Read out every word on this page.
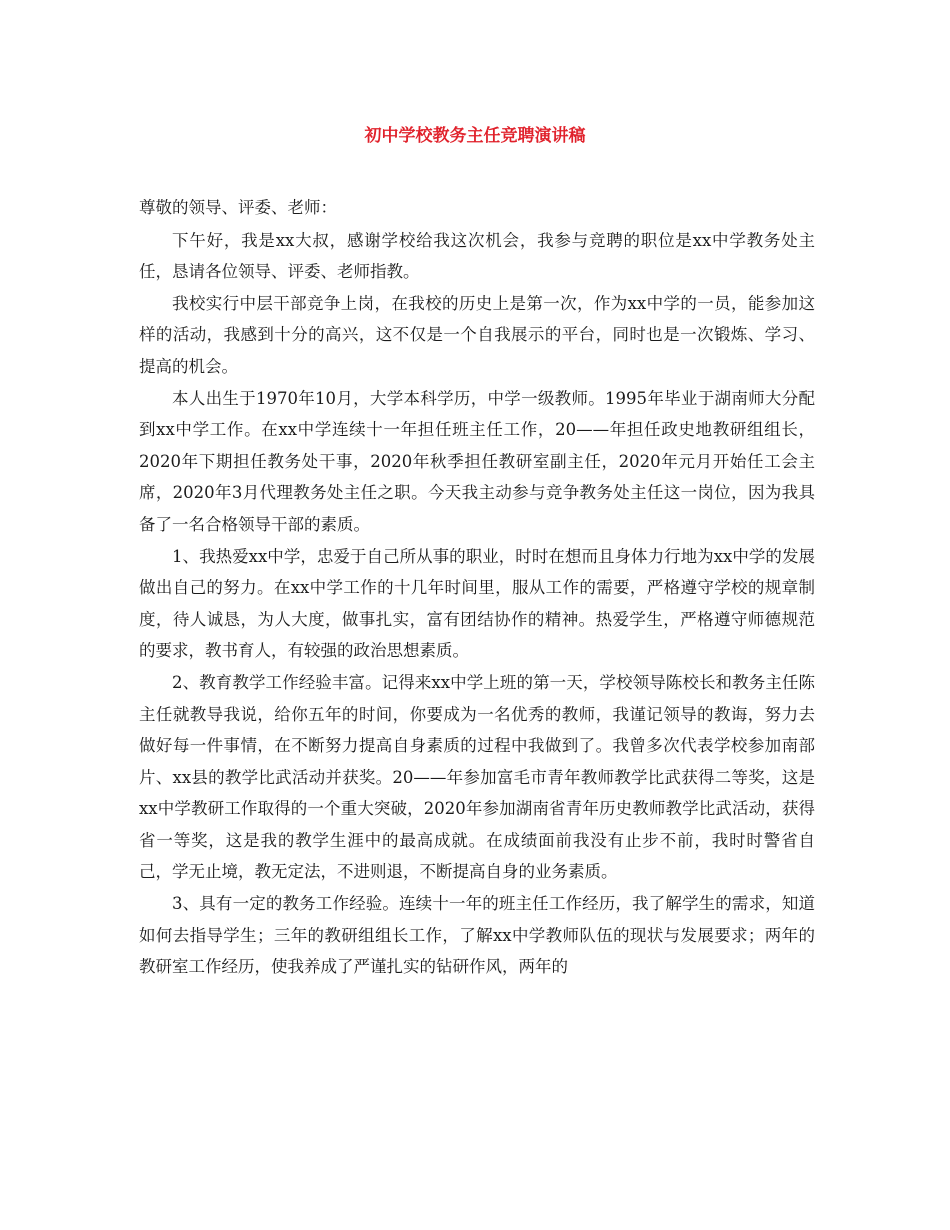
初中学校教务主任竞聘演讲稿

尊敬的领导、评委、老师：

下午好，我是xx大叔，感谢学校给我这次机会，我参与竞聘的职位是xx中学教务处主任，恳请各位领导、评委、老师指教。

我校实行中层干部竞争上岗，在我校的历史上是第一次，作为xx中学的一员，能参加这样的活动，我感到十分的高兴，这不仅是一个自我展示的平台，同时也是一次锻炼、学习、提高的机会。

本人出生于1970年10月，大学本科学历，中学一级教师。1995年毕业于湖南师大分配到xx中学工作。在xx中学连续十一年担任班主任工作，20——年担任政史地教研组组长，2020年下期担任教务处干事，2020年秋季担任教研室副主任，2020年元月开始任工会主席，2020年3月代理教务处主任之职。今天我主动参与竞争教务处主任这一岗位，因为我具备了一名合格领导干部的素质。

1、我热爱xx中学，忠爱于自己所从事的职业，时时在想而且身体力行地为xx中学的发展做出自己的努力。在xx中学工作的十几年时间里，服从工作的需要，严格遵守学校的规章制度，待人诚恳，为人大度，做事扎实，富有团结协作的精神。热爱学生，严格遵守师德规范的要求，教书育人，有较强的政治思想素质。

2、教育教学工作经验丰富。记得来xx中学上班的第一天，学校领导陈校长和教务主任陈主任就教导我说，给你五年的时间，你要成为一名优秀的教师，我谨记领导的教诲，努力去做好每一件事情，在不断努力提高自身素质的过程中我做到了。我曾多次代表学校参加南部片、xx县的教学比武活动并获奖。20——年参加富毛市青年教师教学比武获得二等奖，这是xx中学教研工作取得的一个重大突破，2020年参加湖南省青年历史教师教学比武活动，获得省一等奖，这是我的教学生涯中的最高成就。在成绩面前我没有止步不前，我时时警省自己，学无止境，教无定法，不进则退，不断提高自身的业务素质。

3、具有一定的教务工作经验。连续十一年的班主任工作经历，我了解学生的需求，知道如何去指导学生；三年的教研组组长工作，了解xx中学教师队伍的现状与发展要求；两年的教研室工作经历，使我养成了严谨扎实的钻研作风，两年的
